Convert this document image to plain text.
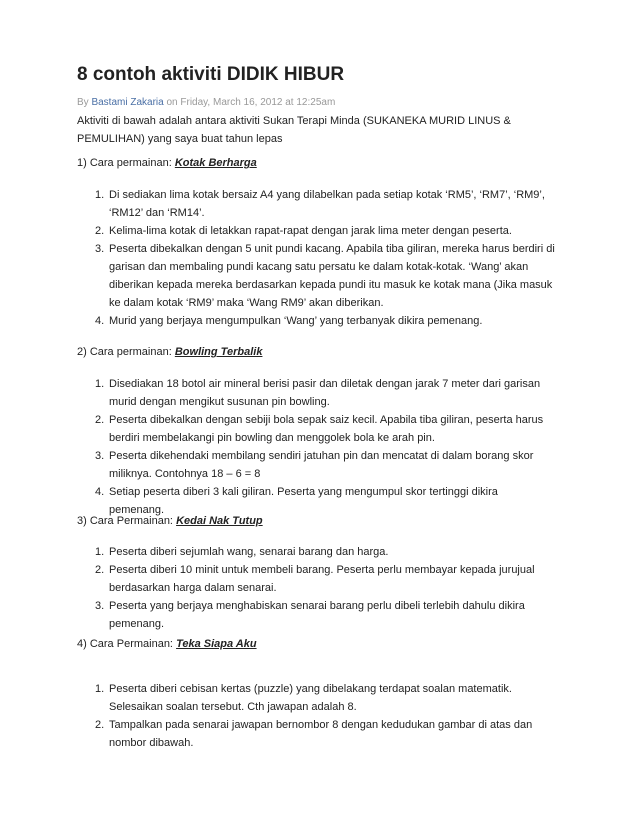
8 contoh aktiviti DIDIK HIBUR
By Bastami Zakaria on Friday, March 16, 2012 at 12:25am
Aktiviti di bawah adalah antara aktiviti Sukan Terapi Minda (SUKANEKA MURID LINUS & PEMULIHAN) yang saya buat tahun lepas
1) Cara permainan: Kotak Berharga
1. Di sediakan lima kotak bersaiz A4 yang dilabelkan pada setiap kotak ‘RM5’, ‘RM7’, ‘RM9’, ‘RM12’ dan ‘RM14’.
2. Kelima-lima kotak di letakkan rapat-rapat dengan jarak lima meter dengan peserta.
3. Peserta dibekalkan dengan 5 unit pundi kacang. Apabila tiba giliran, mereka harus berdiri di garisan dan membaling pundi kacang satu persatu ke dalam kotak-kotak. ‘Wang’ akan diberikan kepada mereka berdasarkan kepada pundi itu masuk ke kotak mana (Jika masuk ke dalam kotak ‘RM9’ maka ‘Wang RM9’ akan diberikan.
4. Murid yang berjaya mengumpulkan ‘Wang’ yang terbanyak dikira pemenang.
2) Cara permainan: Bowling Terbalik
1. Disediakan 18 botol air mineral berisi pasir dan diletak dengan jarak 7 meter dari garisan murid dengan mengikut susunan pin bowling.
2. Peserta dibekalkan dengan sebiji bola sepak saiz kecil. Apabila tiba giliran, peserta harus berdiri membelakangi pin bowling dan menggolek bola ke arah pin.
3. Peserta dikehendaki membilang sendiri jatuhan pin dan mencatat di dalam borang skor miliknya. Contohnya 18 – 6 = 8
4. Setiap peserta diberi 3 kali giliran. Peserta yang mengumpul skor tertinggi dikira pemenang.
3) Cara Permainan: Kedai Nak Tutup
1. Peserta diberi sejumlah wang, senarai barang dan harga.
2. Peserta diberi 10 minit untuk membeli barang. Peserta perlu membayar kepada jurujual berdasarkan harga dalam senarai.
3. Peserta yang berjaya menghabiskan senarai barang perlu dibeli terlebih dahulu dikira pemenang.
4) Cara Permainan: Teka Siapa Aku
1. Peserta diberi cebisan kertas (puzzle) yang dibelakang terdapat soalan matematik. Selesaikan soalan tersebut. Cth jawapan adalah 8.
2. Tampalkan pada senarai jawapan bernombor 8 dengan kedudukan gambar di atas dan nombor dibawah.
